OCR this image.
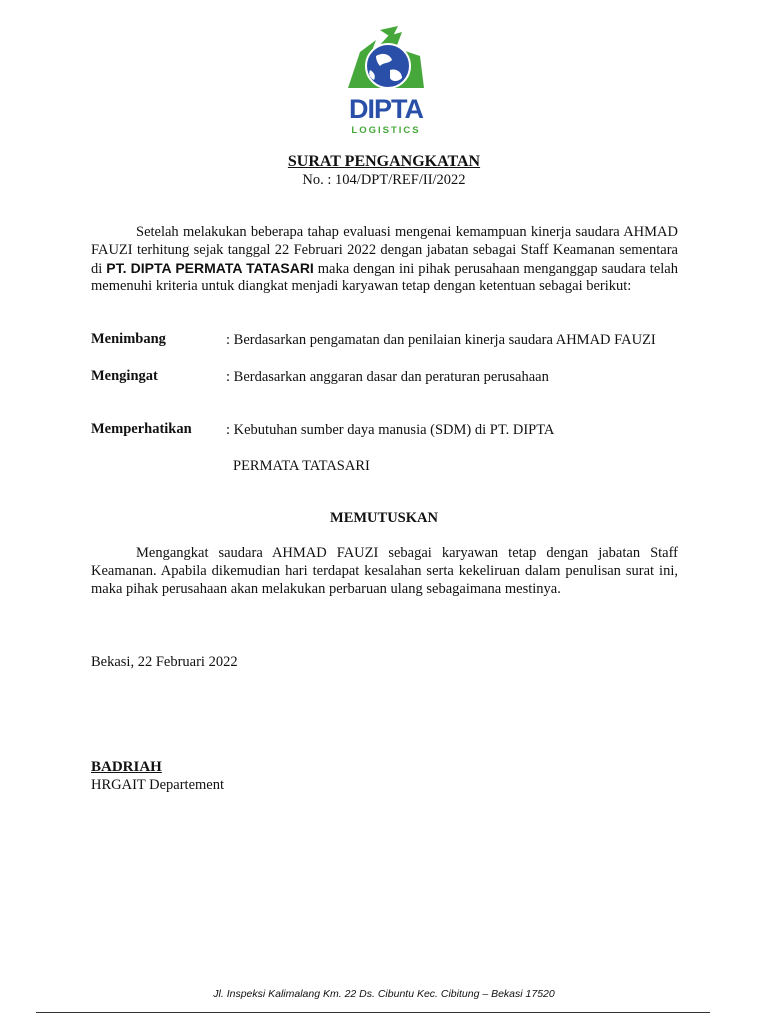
DIPTA
LOGISTICS
SURAT PENGANGKATAN
No. : 104/DPT/REF/II/2022
Setelah melakukan beberapa tahap evaluasi mengenai kemampuan kinerja saudara AHMAD FAUZI terhitung sejak tanggal 22 Februari 2022 dengan jabatan sebagai Staff Keamanan sementara di PT. DIPTA PERMATA TATASARI maka dengan ini pihak perusahaan menganggap saudara telah memenuhi kriteria untuk diangkat menjadi karyawan tetap dengan ketentuan sebagai berikut:
Menimbang	: Berdasarkan pengamatan dan penilaian kinerja saudara AHMAD FAUZI
Mengingat	: Berdasarkan anggaran dasar dan peraturan perusahaan
Memperhatikan : Kebutuhan sumber daya manusia (SDM) di PT. DIPTA
PERMATA TATASARI
MEMUTUSKAN
Mengangkat saudara AHMAD FAUZI sebagai karyawan tetap dengan jabatan Staff Keamanan. Apabila dikemudian hari terdapat kesalahan serta kekeliruan dalam penulisan surat ini, maka pihak perusahaan akan melakukan perbaruan ulang sebagaimana mestinya.
Bekasi, 22 Februari 2022
BADRIAH
HRGAIT Departement
Jl. Inspeksi Kalimalang Km. 22 Ds. Cibuntu Kec. Cibitung – Bekasi 17520
